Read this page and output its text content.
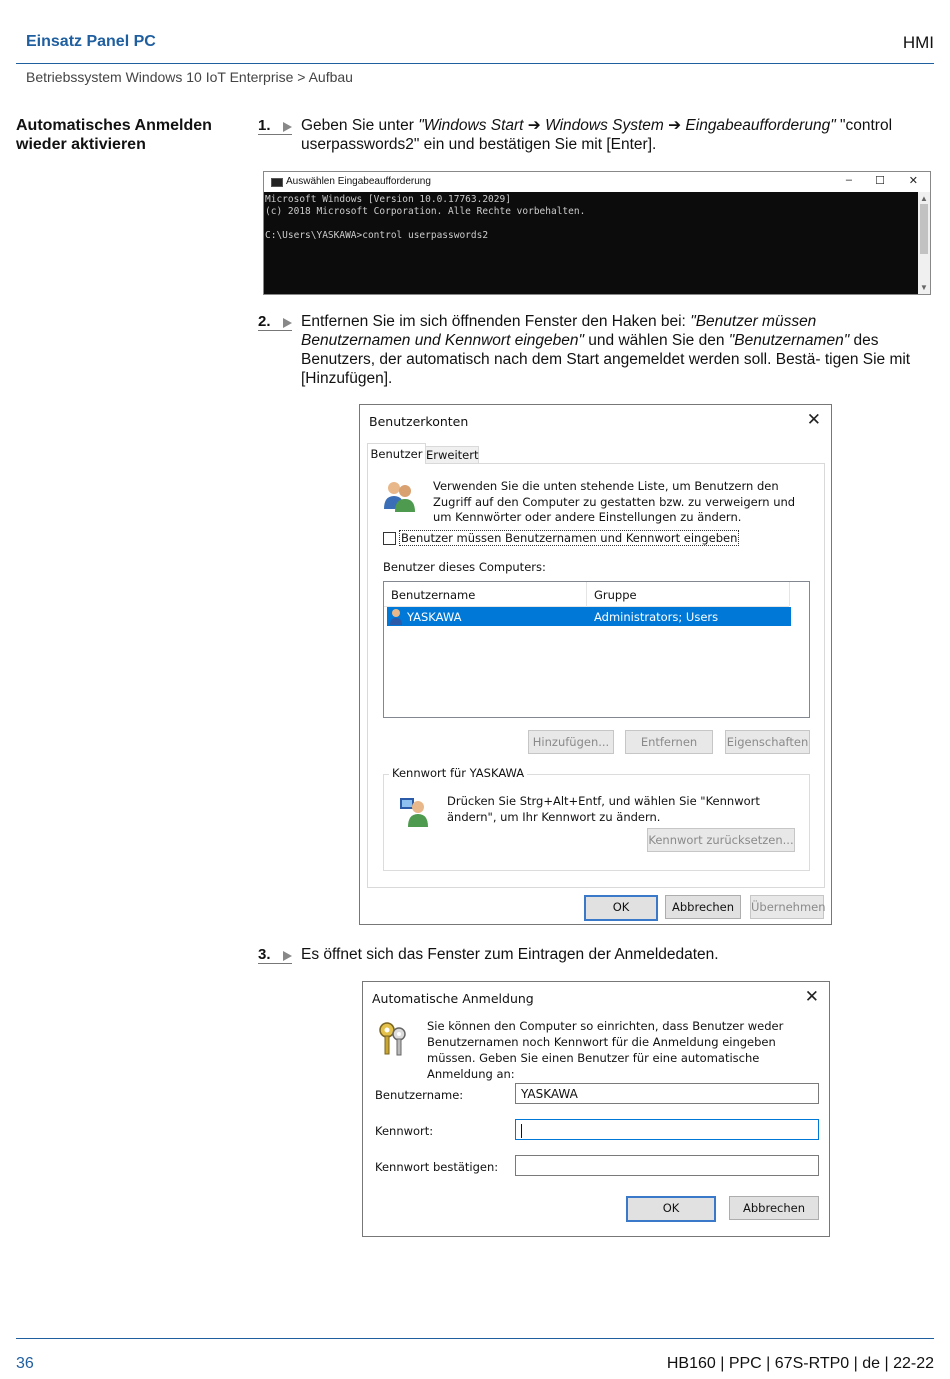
Einsatz Panel PC	HMI
Betriebssystem Windows 10 IoT Enterprise > Aufbau
Automatisches Anmelden wieder aktivieren
1.	Geben Sie unter "Windows Start ➔ Windows System ➔ Eingabeaufforderung" "control userpasswords2" ein und bestätigen Sie mit [Enter].
Auswählen Eingabeaufforderung	– ☐ ✕
Microsoft Windows [Version 10.0.17763.2029]
(c) 2018 Microsoft Corporation. Alle Rechte vorbehalten.

C:\Users\YASKAWA>control userpasswords2
▲
▼
2.	Entfernen Sie im sich öffnenden Fenster den Haken bei: "Benutzer müssen Benutzernamen und Kennwort eingeben" und wählen Sie den "Benutzernamen" des Benutzers, der automatisch nach dem Start angemeldet werden soll. Bestä- tigen Sie mit [Hinzufügen].
Benutzerkonten	✕
Benutzer Erweitert
Verwenden Sie die unten stehende Liste, um Benutzern den Zugriff auf den Computer zu gestatten bzw. zu verweigern und um Kennwörter oder andere Einstellungen zu ändern.
Benutzer müssen Benutzernamen und Kennwort eingeben
Benutzer dieses Computers:
Benutzername	Gruppe
YASKAWA	Administrators; Users
Hinzufügen...	Entfernen	Eigenschaften
Kennwort für YASKAWA
Drücken Sie Strg+Alt+Entf, und wählen Sie "Kennwort ändern", um Ihr Kennwort zu ändern.
Kennwort zurücksetzen...
OK	Abbrechen	Übernehmen
3.	Es öffnet sich das Fenster zum Eintragen der Anmeldedaten.
Automatische Anmeldung	✕
Sie können den Computer so einrichten, dass Benutzer weder Benutzernamen noch Kennwort für die Anmeldung eingeben müssen. Geben Sie einen Benutzer für eine automatische Anmeldung an:
Benutzername:	YASKAWA
Kennwort:
Kennwort bestätigen:
OK	Abbrechen
36	HB160 | PPC | 67S-RTP0 | de | 22-22
